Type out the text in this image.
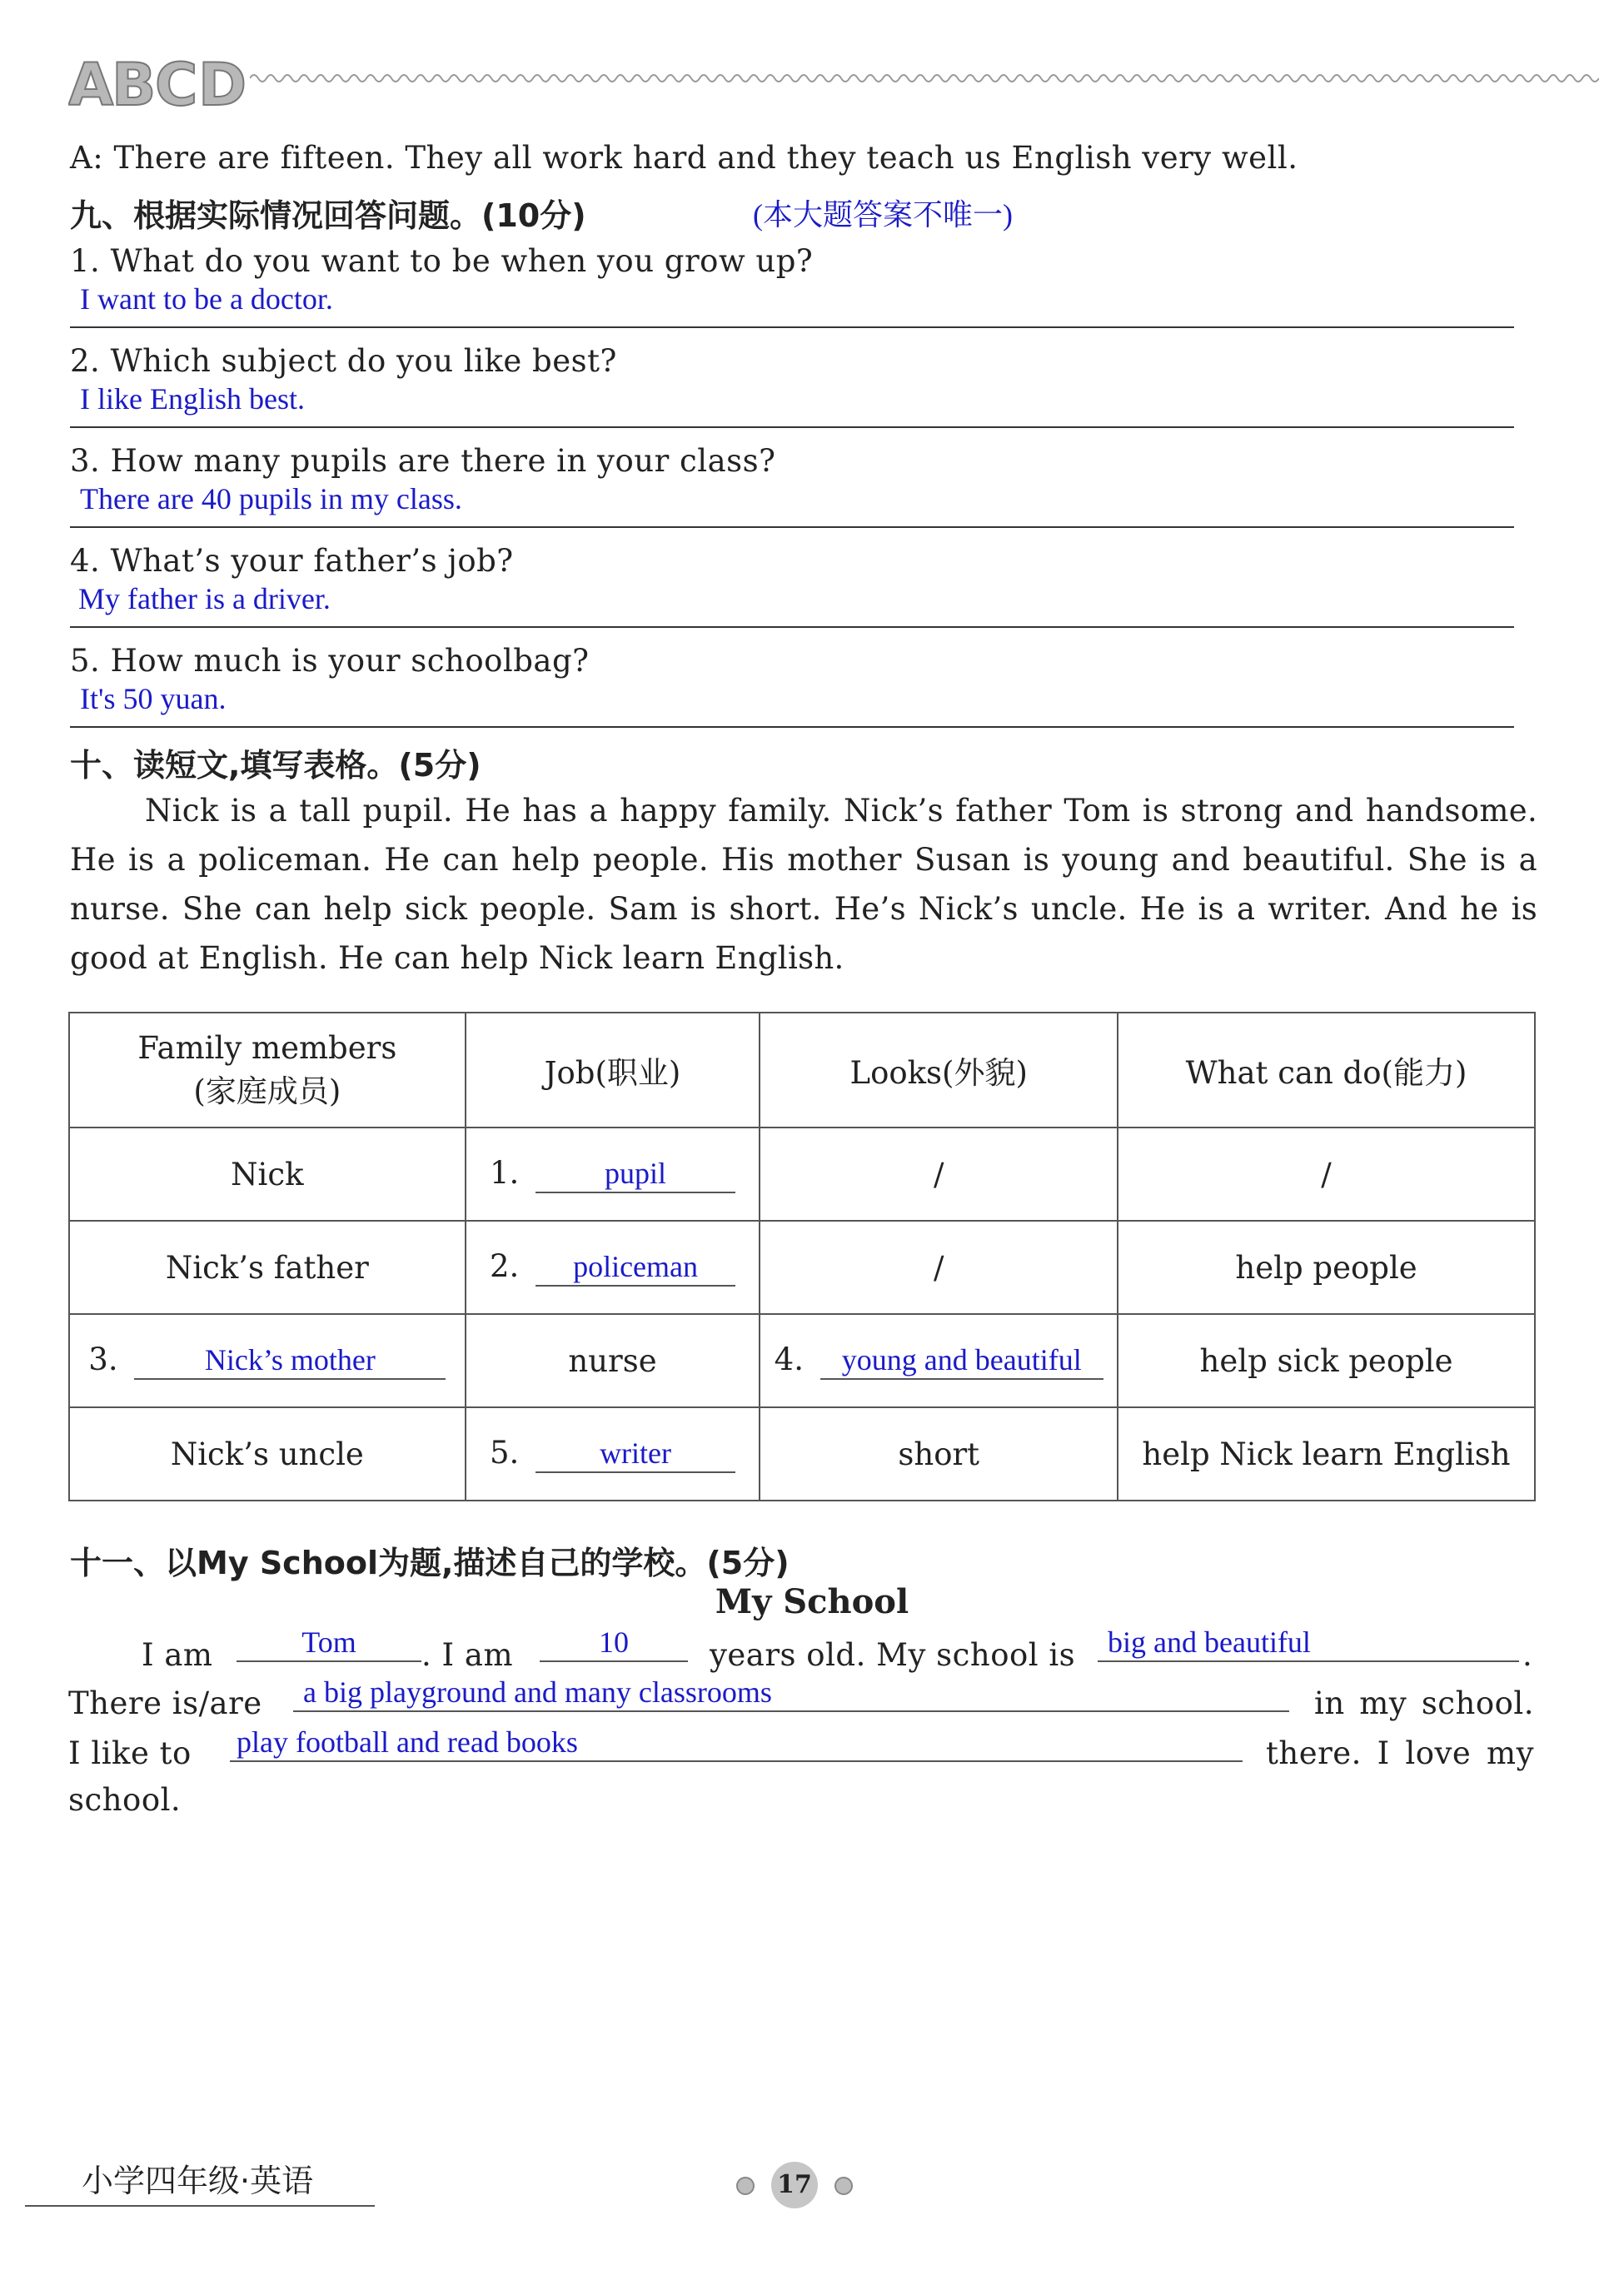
A
B
C D
A: There are fifteen. They all work hard and they teach us English very well.
九、根据实际情况回答问题。(10分)	(本大题答案不唯一)
1. What do you want to be when you grow up?
I want to be a doctor.
2. Which subject do you like best?
I like English best.
3. How many pupils are there in your class?
There are 40 pupils in my class.
4. What’s your father’s job?
My father is a driver.
5. How much is your schoolbag?
It's 50 yuan.
十、读短文,填写表格。(5分)
Nick is a tall pupil. He has a happy family. Nick’s father Tom is strong and handsome. He is a policeman. He can help people. His mother Susan is young and beautiful. She is a nurse. She can help sick people. Sam is short. He’s Nick’s uncle. He is a writer. And he is good at English. He can help Nick learn English.
Family members
(家庭成员)	Job(职业)	Looks(外貌)	What can do(能力)
Nick	1. pupil	/	/
Nick’s father	2. policeman	/	help people
3. Nick’s mother	nurse	4. young and beautiful	help sick people
Nick’s uncle	5. writer	short	help Nick learn English
十一、以My School为题,描述自己的学校。(5分)
My School
I am	Tom	. I am	10	years old. My school is	big and beautiful	.
There is/are	a big playground and many classrooms	in my school.
I like to play football and read books	there. I love my
school.
小学四年级·英语	17
